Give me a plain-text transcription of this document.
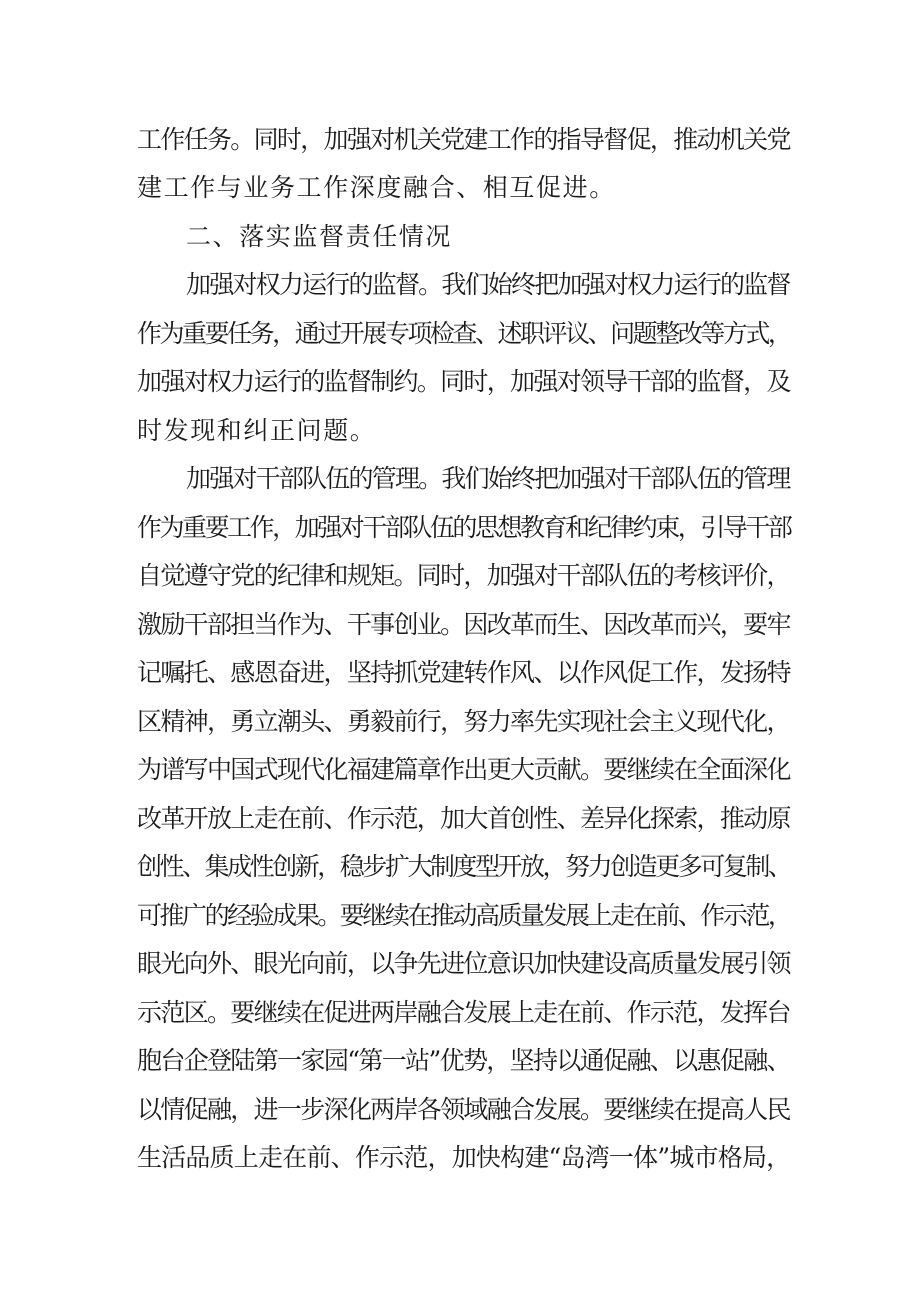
工作任务。同时，加强对机关党建工作的指导督促，推动机关党
建工作与业务工作深度融合、相互促进。
二、落实监督责任情况
加强对权力运行的监督。我们始终把加强对权力运行的监督
作为重要任务，通过开展专项检查、述职评议、问题整改等方式，
加强对权力运行的监督制约。同时，加强对领导干部的监督，及
时发现和纠正问题。
加强对干部队伍的管理。我们始终把加强对干部队伍的管理
作为重要工作，加强对干部队伍的思想教育和纪律约束，引导干部
自觉遵守党的纪律和规矩。同时，加强对干部队伍的考核评价，
激励干部担当作为、干事创业。因改革而生、因改革而兴，要牢
记嘱托、感恩奋进，坚持抓党建转作风、以作风促工作，发扬特
区精神，勇立潮头、勇毅前行，努力率先实现社会主义现代化，
为谱写中国式现代化福建篇章作出更大贡献。要继续在全面深化
改革开放上走在前、作示范，加大首创性、差异化探索，推动原
创性、集成性创新，稳步扩大制度型开放，努力创造更多可复制、
可推广的经验成果。要继续在推动高质量发展上走在前、作示范，
眼光向外、眼光向前，以争先进位意识加快建设高质量发展引领
示范区。要继续在促进两岸融合发展上走在前、作示范，发挥台
胞台企登陆第一家园“第一站”优势，坚持以通促融、以惠促融、
以情促融，进一步深化两岸各领域融合发展。要继续在提高人民
生活品质上走在前、作示范，加快构建“岛湾一体”城市格局，
